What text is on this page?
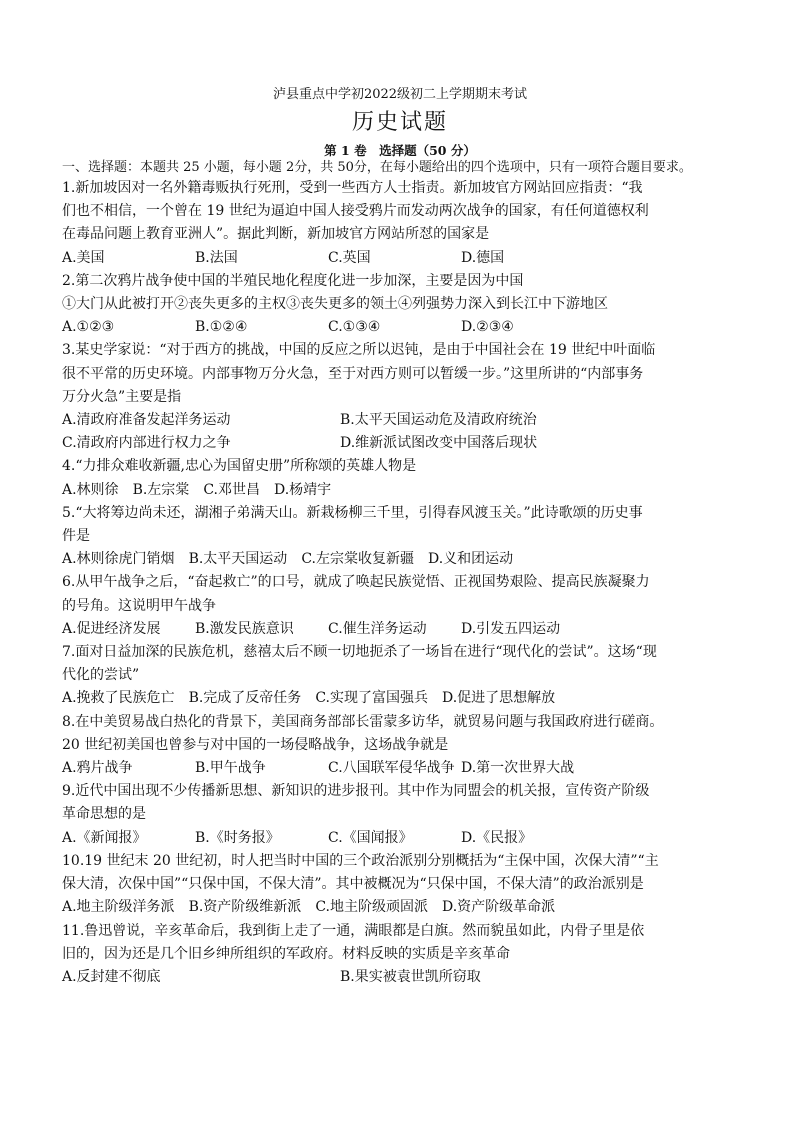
泸县重点中学初2022级初二上学期期末考试
历史试题
第 1 卷　选择题（50 分）
一、选择题：本题共 25 小题，每小题 2分，共 50分，在每小题给出的四个选项中，只有一项符合题目要求。

1.新加坡因对一名外籍毒贩执行死刑，受到一些西方人士指责。新加坡官方网站回应指责：“我

们也不相信，一个曾在 19 世纪为逼迫中国人接受鸦片而发动两次战争的国家，有任何道德权利

在毒品问题上教育亚洲人”。据此判断，新加坡官方网站所怼的国家是

A.美国	B.法国	C.英国	D.德国

2.第二次鸦片战争使中国的半殖民地化程度化进一步加深，主要是因为中国

①大门从此被打开②丧失更多的主权③丧失更多的领土④列强势力深入到长江中下游地区

A.①②③	B.①②④	C.①③④	D.②③④

3.某史学家说：“对于西方的挑战，中国的反应之所以迟钝，是由于中国社会在 19 世纪中叶面临

很不平常的历史环境。内部事物万分火急，至于对西方则可以暂缓一步。”这里所讲的“内部事务

万分火急”主要是指

A.清政府准备发起洋务运动	B.太平天国运动危及清政府统治
C.清政府内部进行权力之争	D.维新派试图改变中国落后现状

4.“力排众难收新疆,忠心为国留史册”所称颂的英雄人物是

A.林则徐 B.左宗棠 C.邓世昌 D.杨靖宇

5.“大将筹边尚未还，湖湘子弟满天山。新栽杨柳三千里，引得春风渡玉关。”此诗歌颂的历史事

件是

A.林则徐虎门销烟 B.太平天国运动 C.左宗棠收复新疆 D.义和团运动

6.从甲午战争之后，“奋起救亡”的口号，就成了唤起民族觉悟、正视国势艰险、提高民族凝聚力

的号角。这说明甲午战争

A.促进经济发展	B.激发民族意识	C.催生洋务运动	D.引发五四运动

7.面对日益加深的民族危机，慈禧太后不顾一切地扼杀了一场旨在进行“现代化的尝试”。这场“现

代化的尝试”

A.挽救了民族危亡 B.完成了反帝任务 C.实现了富国强兵 D.促进了思想解放

8.在中美贸易战白热化的背景下，美国商务部部长雷蒙多访华，就贸易问题与我国政府进行磋商。

20 世纪初美国也曾参与对中国的一场侵略战争，这场战争就是

A.鸦片战争	B.甲午战争	C.八国联军侵华战争 D.第一次世界大战

9.近代中国出现不少传播新思想、新知识的进步报刊。其中作为同盟会的机关报，宣传资产阶级

革命思想的是

A.《新闻报》	B.《时务报》	C.《国闻报》	D.《民报》

10.19 世纪末 20 世纪初，时人把当时中国的三个政治派别分别概括为“主保中国，次保大清”“主

保大清，次保中国”“只保中国，不保大清”。其中被概况为“只保中国，不保大清”的政治派别是

A.地主阶级洋务派 B.资产阶级维新派 C.地主阶级顽固派 D.资产阶级革命派

11.鲁迅曾说，辛亥革命后，我到街上走了一通，满眼都是白旗。然而貌虽如此，内骨子里是依

旧的，因为还是几个旧乡绅所组织的军政府。材料反映的实质是辛亥革命

A.反封建不彻底	B.果实被袁世凯所窃取
